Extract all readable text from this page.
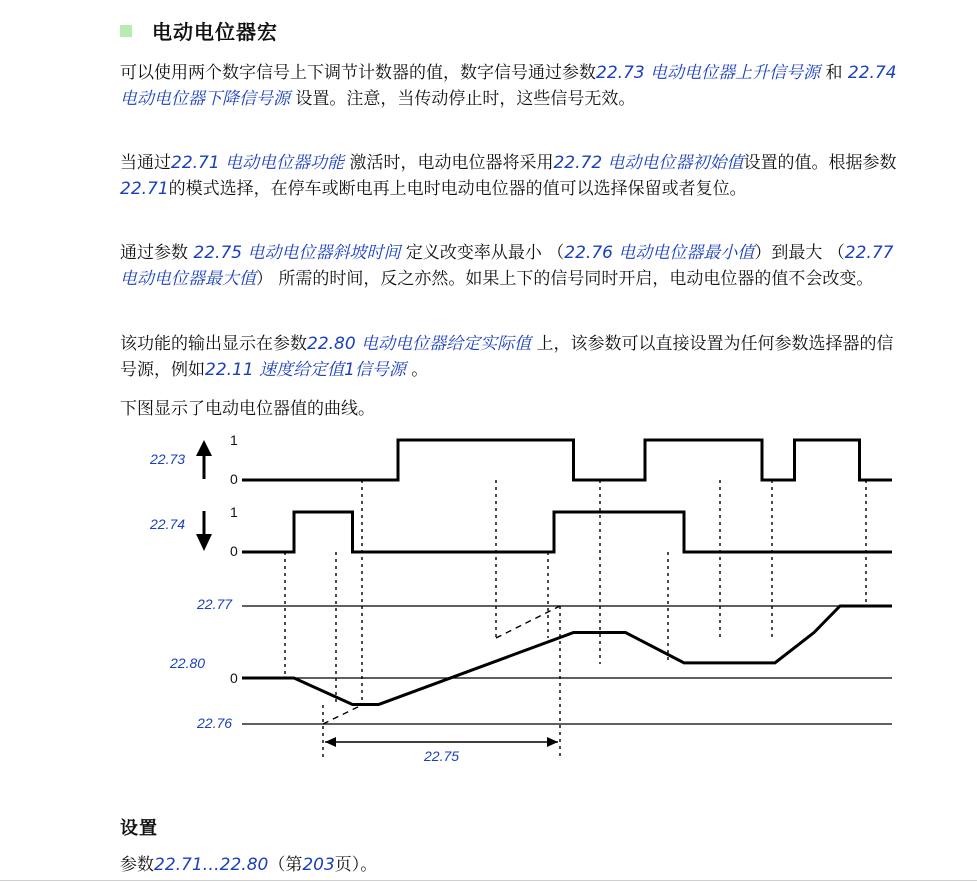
电动电位器宏
可以使用两个数字信号上下调节计数器的值，数字信号通过参数22.73 电动电位器上升信号源 和 22.74 电动电位器下降信号源 设置。注意，当传动停止时，这些信号无效。
当通过22.71 电动电位器功能 激活时，电动电位器将采用22.72 电动电位器初始值设置的值。根据参数22.71的模式选择，在停车或断电再上电时电动电位器的值可以选择保留或者复位。
通过参数 22.75 电动电位器斜坡时间 定义改变率从最小 （22.76 电动电位器最小值）到最大 （22.77 电动电位器最大值） 所需的时间，反之亦然。如果上下的信号同时开启，电动电位器的值不会改变。
该功能的输出显示在参数22.80 电动电位器给定实际值 上，该参数可以直接设置为任何参数选择器的信号源，例如22.11 速度给定值1信号源 。
下图显示了电动电位器值的曲线。
22.73
22.74
22.77
22.80
22.76
22.75
1
0
1
0
0
设置
参数22.71…22.80（第203页）。
